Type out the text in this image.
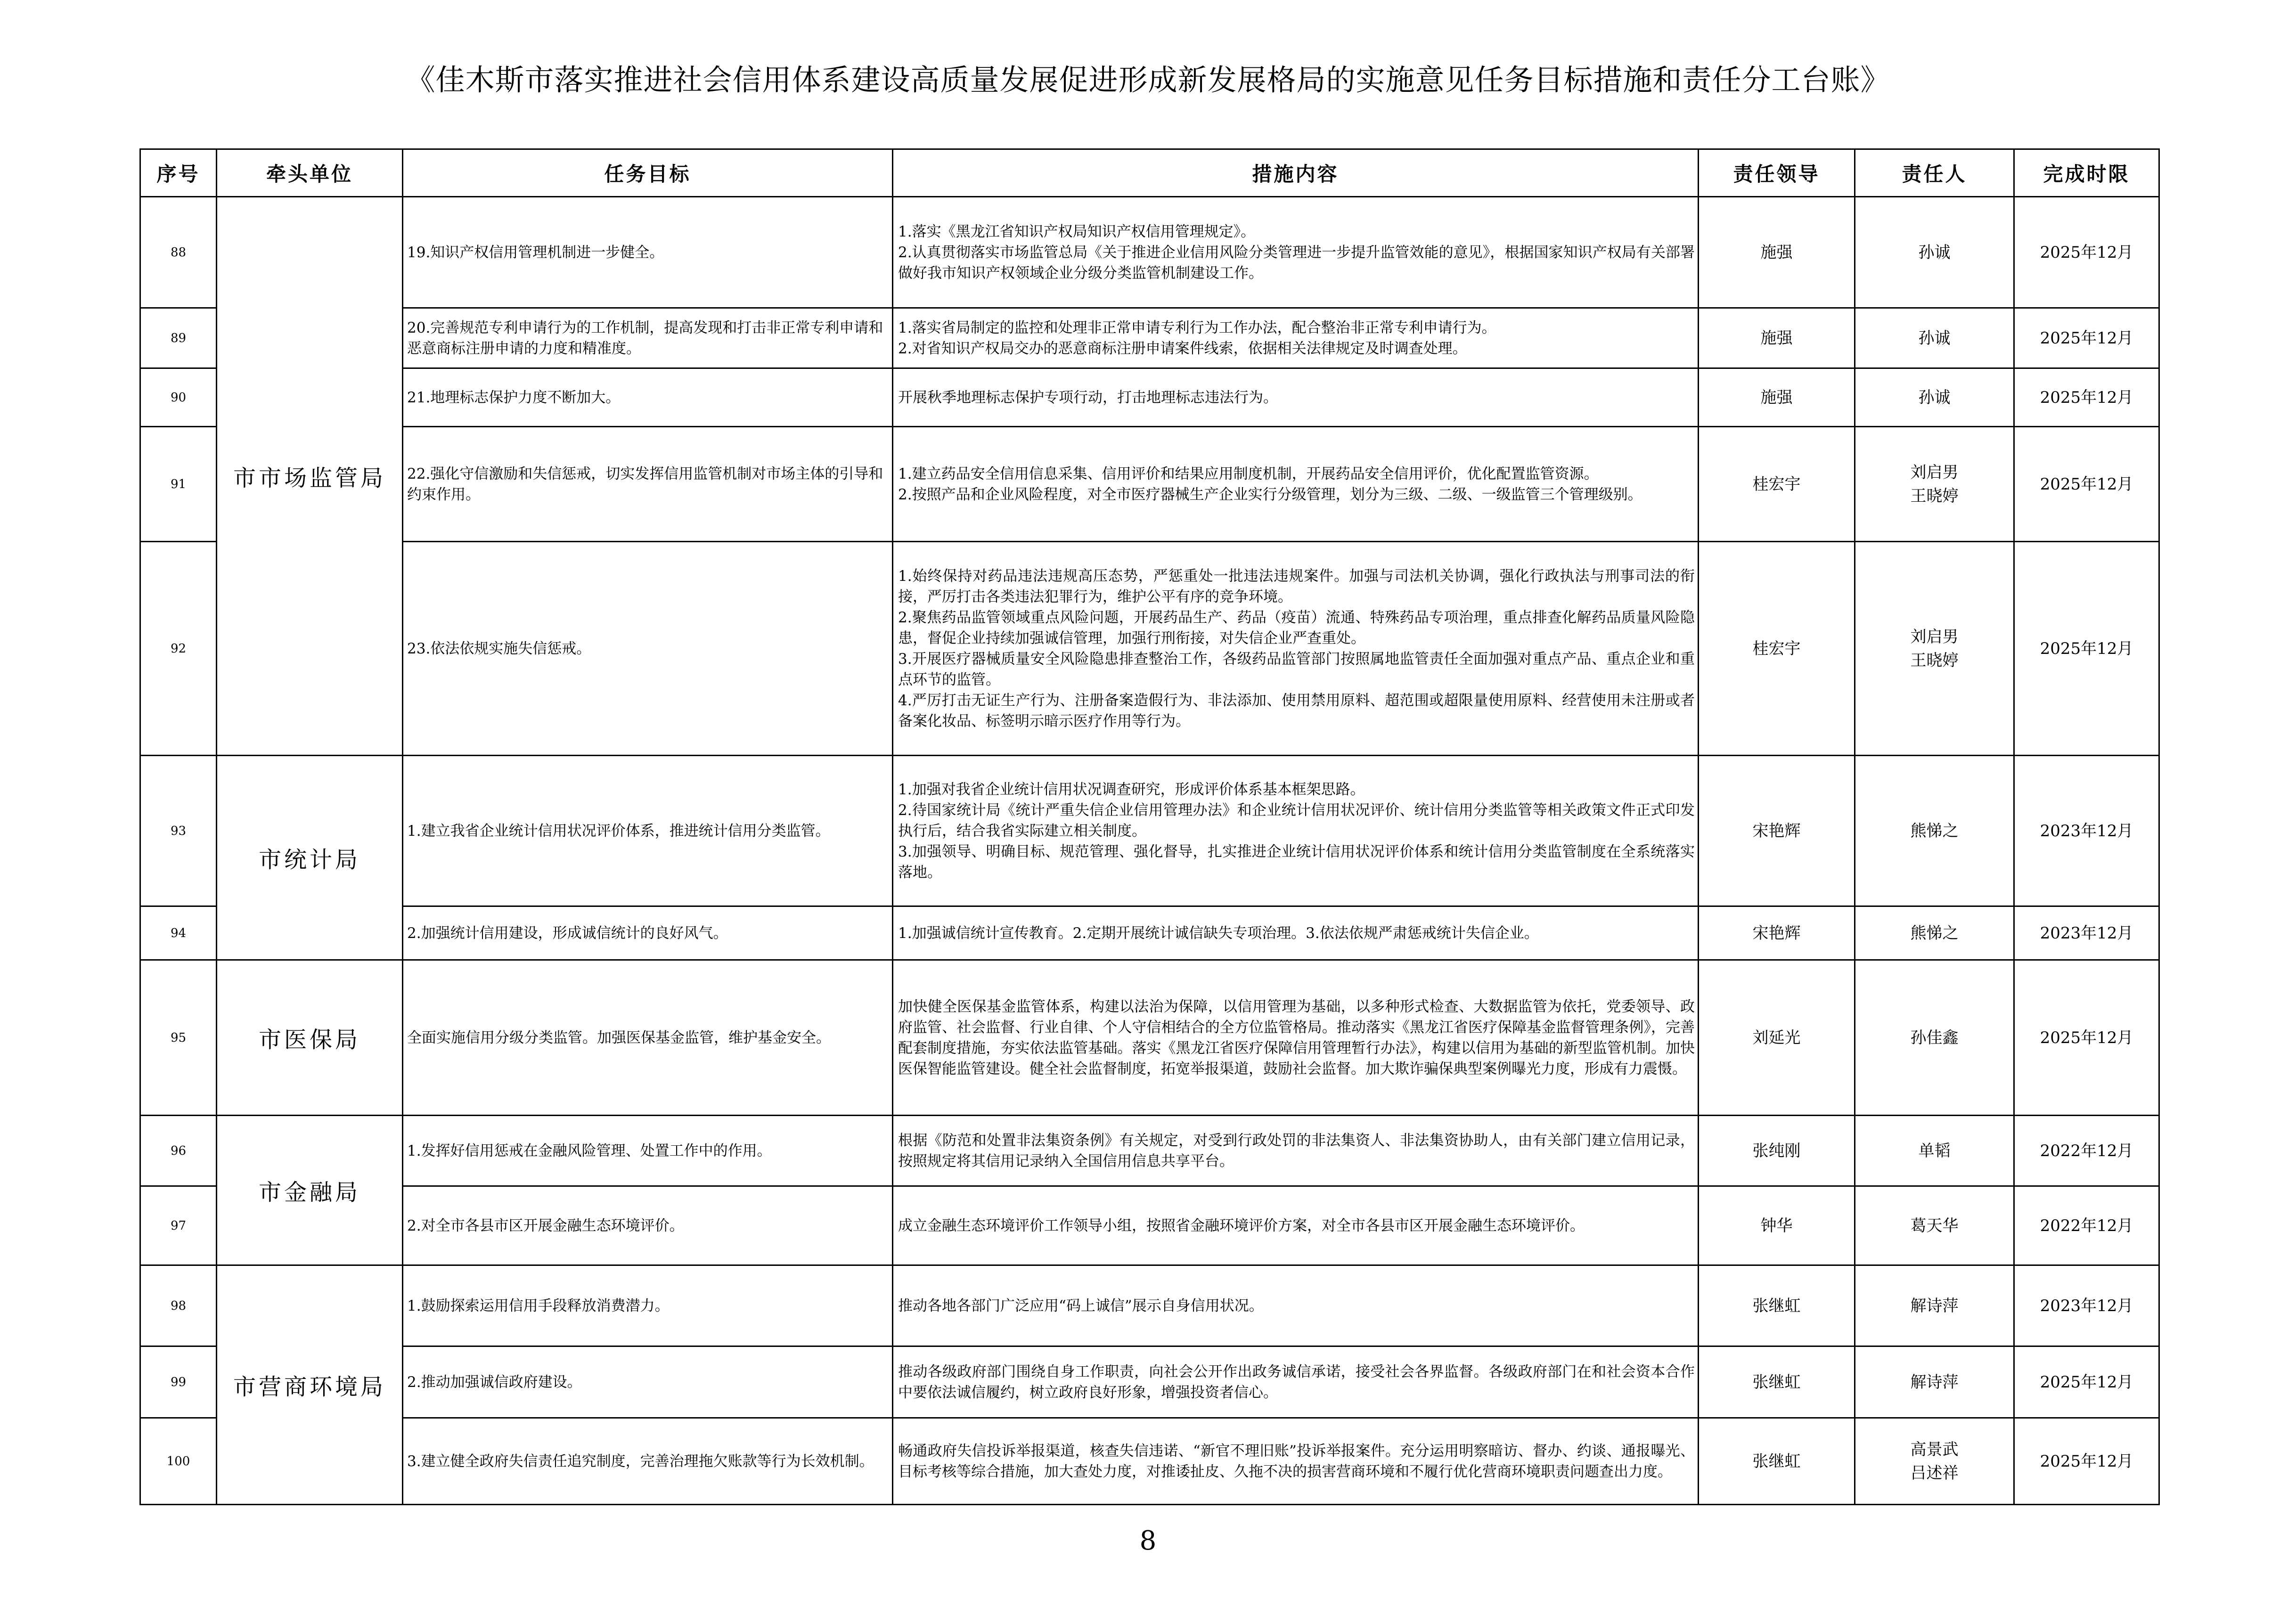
《佳木斯市落实推进社会信用体系建设高质量发展促进形成新发展格局的实施意见任务目标措施和责任分工台账》
序号	牵头单位	任务目标	措施内容	责任领导	责任人	完成时限
88	市市场监管局	19.知识产权信用管理机制进一步健全。	1.落实《黑龙江省知识产权局知识产权信用管理规定》。
2.认真贯彻落实市场监管总局《关于推进企业信用风险分类管理进一步提升监管效能的意见》，根据国家知识产权局有关部署做好我市知识产权领域企业分级分类监管机制建设工作。	施强	孙诚	2025年12月
89		20.完善规范专利申请行为的工作机制，提高发现和打击非正常专利申请和恶意商标注册申请的力度和精准度。	1.落实省局制定的监控和处理非正常申请专利行为工作办法，配合整治非正常专利申请行为。
2.对省知识产权局交办的恶意商标注册申请案件线索，依据相关法律规定及时调查处理。	施强	孙诚	2025年12月
90		21.地理标志保护力度不断加大。	开展秋季地理标志保护专项行动，打击地理标志违法行为。	施强	孙诚	2025年12月
91		22.强化守信激励和失信惩戒，切实发挥信用监管机制对市场主体的引导和约束作用。	1.建立药品安全信用信息采集、信用评价和结果应用制度机制，开展药品安全信用评价，优化配置监管资源。
2.按照产品和企业风险程度，对全市医疗器械生产企业实行分级管理，划分为三级、二级、一级监管三个管理级别。	桂宏宇	刘启男
王晓婷	2025年12月
92		23.依法依规实施失信惩戒。	1.始终保持对药品违法违规高压态势，严惩重处一批违法违规案件。加强与司法机关协调，强化行政执法与刑事司法的衔接，严厉打击各类违法犯罪行为，维护公平有序的竞争环境。
2.聚焦药品监管领域重点风险问题，开展药品生产、药品（疫苗）流通、特殊药品专项治理，重点排查化解药品质量风险隐患，督促企业持续加强诚信管理，加强行刑衔接，对失信企业严查重处。
3.开展医疗器械质量安全风险隐患排查整治工作，各级药品监管部门按照属地监管责任全面加强对重点产品、重点企业和重点环节的监管。
4.严厉打击无证生产行为、注册备案造假行为、非法添加、使用禁用原料、超范围或超限量使用原料、经营使用未注册或者备案化妆品、标签明示暗示医疗作用等行为。	桂宏宇	刘启男
王晓婷	2025年12月
93	市统计局	1.建立我省企业统计信用状况评价体系，推进统计信用分类监管。	1.加强对我省企业统计信用状况调查研究，形成评价体系基本框架思路。
2.待国家统计局《统计严重失信企业信用管理办法》和企业统计信用状况评价、统计信用分类监管等相关政策文件正式印发执行后，结合我省实际建立相关制度。
3.加强领导、明确目标、规范管理、强化督导，扎实推进企业统计信用状况评价体系和统计信用分类监管制度在全系统落实落地。	宋艳辉	熊悌之	2023年12月
94		2.加强统计信用建设，形成诚信统计的良好风气。	1.加强诚信统计宣传教育。2.定期开展统计诚信缺失专项治理。3.依法依规严肃惩戒统计失信企业。	宋艳辉	熊悌之	2023年12月
95	市医保局	全面实施信用分级分类监管。加强医保基金监管，维护基金安全。	加快健全医保基金监管体系，构建以法治为保障，以信用管理为基础，以多种形式检查、大数据监管为依托，党委领导、政府监管、社会监督、行业自律、个人守信相结合的全方位监管格局。推动落实《黑龙江省医疗保障基金监督管理条例》，完善配套制度措施，夯实依法监管基础。落实《黑龙江省医疗保障信用管理暂行办法》，构建以信用为基础的新型监管机制。加快医保智能监管建设。健全社会监督制度，拓宽举报渠道，鼓励社会监督。加大欺诈骗保典型案例曝光力度，形成有力震慑。	刘延光	孙佳鑫	2025年12月
96	市金融局	1.发挥好信用惩戒在金融风险管理、处置工作中的作用。	根据《防范和处置非法集资条例》有关规定，对受到行政处罚的非法集资人、非法集资协助人，由有关部门建立信用记录，按照规定将其信用记录纳入全国信用信息共享平台。	张纯刚	单韬	2022年12月
97		2.对全市各县市区开展金融生态环境评价。	成立金融生态环境评价工作领导小组，按照省金融环境评价方案，对全市各县市区开展金融生态环境评价。	钟华	葛天华	2022年12月
98	市营商环境局	1.鼓励探索运用信用手段释放消费潜力。	推动各地各部门广泛应用“码上诚信”展示自身信用状况。	张继虹	解诗萍	2023年12月
99		2.推动加强诚信政府建设。	推动各级政府部门围绕自身工作职责，向社会公开作出政务诚信承诺，接受社会各界监督。各级政府部门在和社会资本合作中要依法诚信履约，树立政府良好形象，增强投资者信心。	张继虹	解诗萍	2025年12月
100		3.建立健全政府失信责任追究制度，完善治理拖欠账款等行为长效机制。	畅通政府失信投诉举报渠道，核查失信违诺、“新官不理旧账”投诉举报案件。充分运用明察暗访、督办、约谈、通报曝光、目标考核等综合措施，加大查处力度，对推诿扯皮、久拖不决的损害营商环境和不履行优化营商环境职责问题查出力度。	张继虹	高景武
吕述祥	2025年12月
8
